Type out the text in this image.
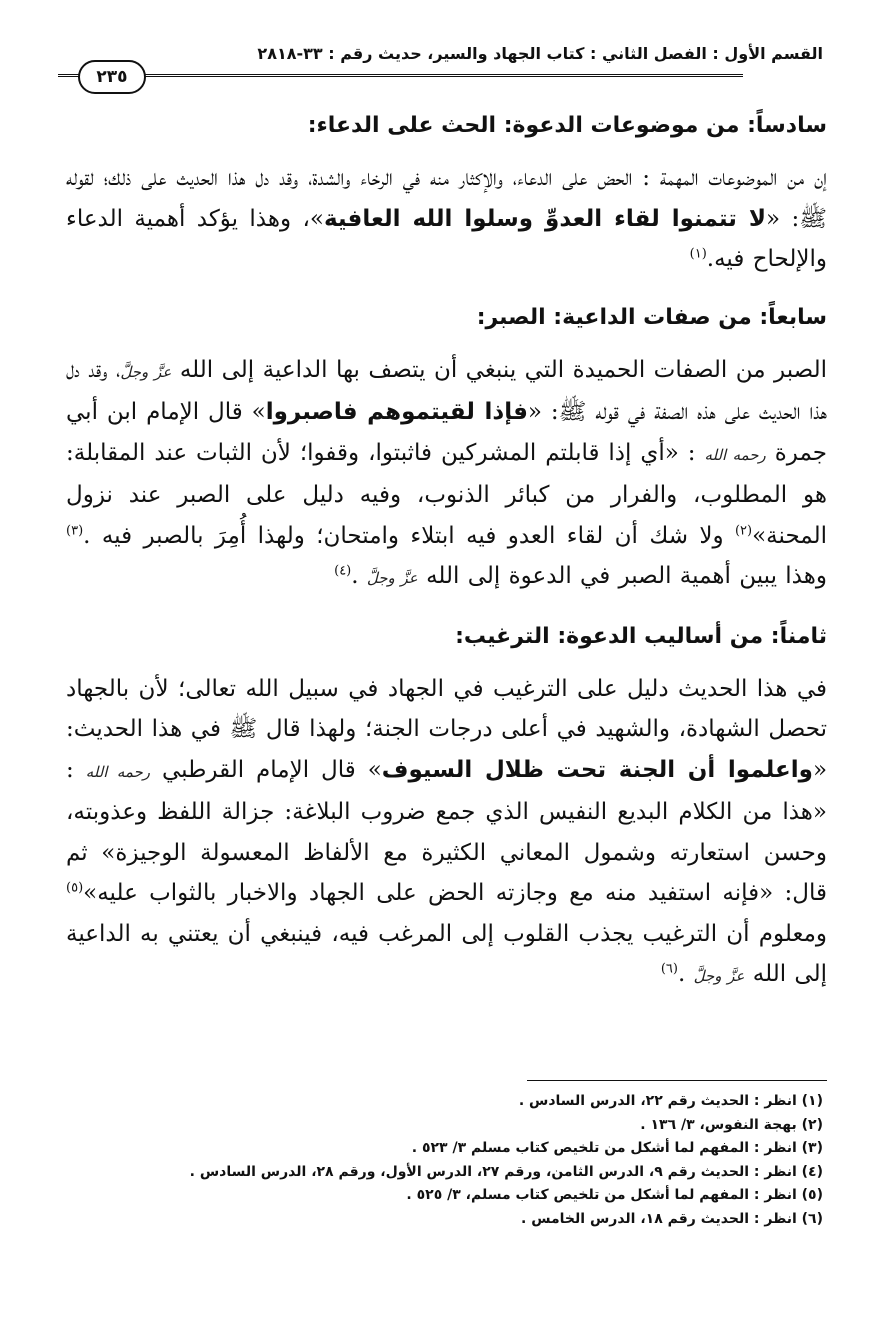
القسم الأول : الفصل الثاني : كتاب الجهاد والسير، حديث رقم : ٣٣-٢٨١٨
٢٣٥
سادساً: من موضوعات الدعوة: الحث على الدعاء:

إن من الموضوعات المهمة : الحض على الدعاء، والإكثار منه في الرخاء والشدة، وقد دل هذا الحديث على ذلك؛ لقوله ﷺ: «لا تتمنوا لقاء العدوِّ وسلوا الله العافية»، وهذا يؤكد أهمية الدعاء والإلحاح فيه.$^{(١)}$

سابعاً: من صفات الداعية: الصبر:

الصبر من الصفات الحميدة التي ينبغي أن يتصف بها الداعية إلى الله عزَّ وجلَّ، وقد دل هذا الحديث على هذه الصفة في قوله ﷺ: «فإذا لقيتموهم فاصبروا» قال الإمام ابن أبي جمرة رحمه الله : «أي إذا قابلتم المشركين فاثبتوا، وقفوا؛ لأن الثبات عند المقابلة: هو المطلوب، والفرار من كبائر الذنوب، وفيه دليل على الصبر عند نزول المحنة»$^{(٢)}$ ولا شك أن لقاء العدو فيه ابتلاء وامتحان؛ ولهذا أُمِرَ بالصبر فيه .$^{(٣)}$ وهذا يبين أهمية الصبر في الدعوة إلى الله عزَّ وجلَّ .$^{(٤)}$

ثامناً: من أساليب الدعوة: الترغيب:

في هذا الحديث دليل على الترغيب في الجهاد في سبيل الله تعالى؛ لأن بالجهاد تحصل الشهادة، والشهيد في أعلى درجات الجنة؛ ولهذا قال ﷺ في هذا الحديث: «واعلموا أن الجنة تحت ظلال السيوف» قال الإمام القرطبي رحمه الله : «هذا من الكلام البديع النفيس الذي جمع ضروب البلاغة: جزالة اللفظ وعذوبته، وحسن استعارته وشمول المعاني الكثيرة مع الألفاظ المعسولة الوجيزة» ثم قال: «فإنه استفيد منه مع وجازته الحض على الجهاد والاخبار بالثواب عليه»$^{(٥)}$ ومعلوم أن الترغيب يجذب القلوب إلى المرغب فيه، فينبغي أن يعتني به الداعية إلى الله عزَّ وجلَّ .$^{(٦)}$

(١) انظر : الحديث رقم ٢٢، الدرس السادس .
(٢) بهجة النفوس، ٣/ ١٣٦ .
(٣) انظر : المفهم لما أشكل من تلخيص كتاب مسلم ٣/ ٥٢٣ .
(٤) انظر : الحديث رقم ٩، الدرس الثامن، ورقم ٢٧، الدرس الأول، ورقم ٢٨، الدرس السادس .
(٥) انظر : المفهم لما أشكل من تلخيص كتاب مسلم، ٣/ ٥٢٥ .
(٦) انظر : الحديث رقم ١٨، الدرس الخامس .
